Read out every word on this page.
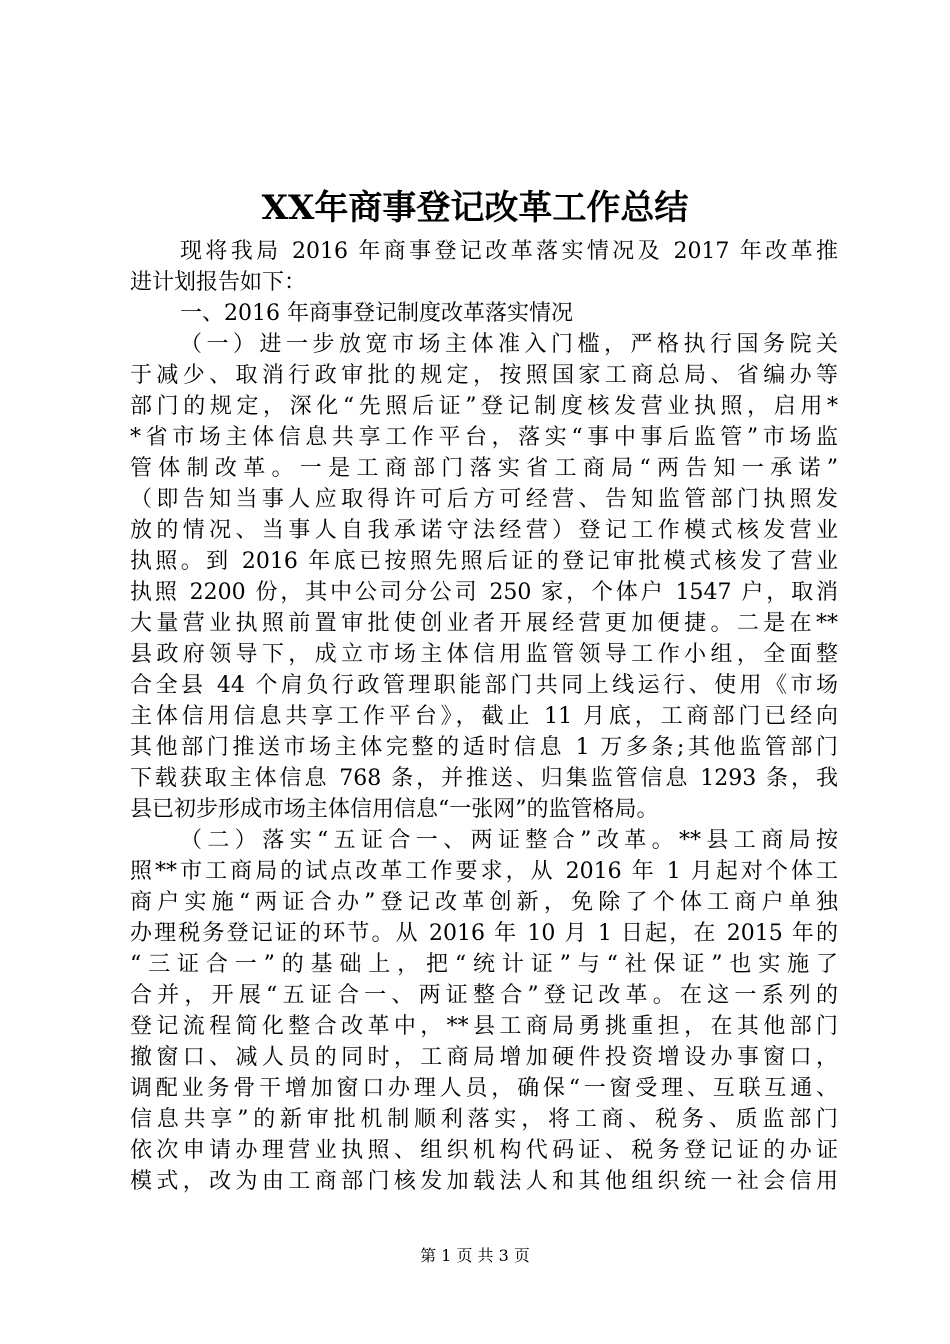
XX年商事登记改革工作总结
现将我局 2016 年商事登记改革落实情况及 2017 年改革推
进计划报告如下：
一、2016 年商事登记制度改革落实情况
（一）进一步放宽市场主体准入门槛，严格执行国务院关
于减少、取消行政审批的规定，按照国家工商总局、省编办等
部门的规定，深化“先照后证”登记制度核发营业执照，启用*
*省市场主体信息共享工作平台，落实“事中事后监管”市场监
管体制改革。一是工商部门落实省工商局“两告知一承诺”
（即告知当事人应取得许可后方可经营、告知监管部门执照发
放的情况、当事人自我承诺守法经营）登记工作模式核发营业
执照。到 2016 年底已按照先照后证的登记审批模式核发了营业
执照 2200 份，其中公司分公司 250 家，个体户 1547 户，取消
大量营业执照前置审批使创业者开展经营更加便捷。二是在**
县政府领导下，成立市场主体信用监管领导工作小组，全面整
合全县 44 个肩负行政管理职能部门共同上线运行、使用《市场
主体信用信息共享工作平台》，截止 11 月底，工商部门已经向
其他部门推送市场主体完整的适时信息 1 万多条;其他监管部门
下载获取主体信息 768 条，并推送、归集监管信息 1293 条，我
县已初步形成市场主体信用信息“一张网”的监管格局。
（二）落实“五证合一、两证整合”改革。**县工商局按
照**市工商局的试点改革工作要求，从 2016 年 1 月起对个体工
商户实施“两证合办”登记改革创新，免除了个体工商户单独
办理税务登记证的环节。从 2016 年 10 月 1 日起，在 2015 年的
“三证合一”的基础上，把“统计证”与“社保证”也实施了
合并，开展“五证合一、两证整合”登记改革。在这一系列的
登记流程简化整合改革中，**县工商局勇挑重担，在其他部门
撤窗口、减人员的同时，工商局增加硬件投资增设办事窗口，
调配业务骨干增加窗口办理人员，确保“一窗受理、互联互通、
信息共享”的新审批机制顺利落实，将工商、税务、质监部门
依次申请办理营业执照、组织机构代码证、税务登记证的办证
模式，改为由工商部门核发加载法人和其他组织统一社会信用
第 1 页 共 3 页
